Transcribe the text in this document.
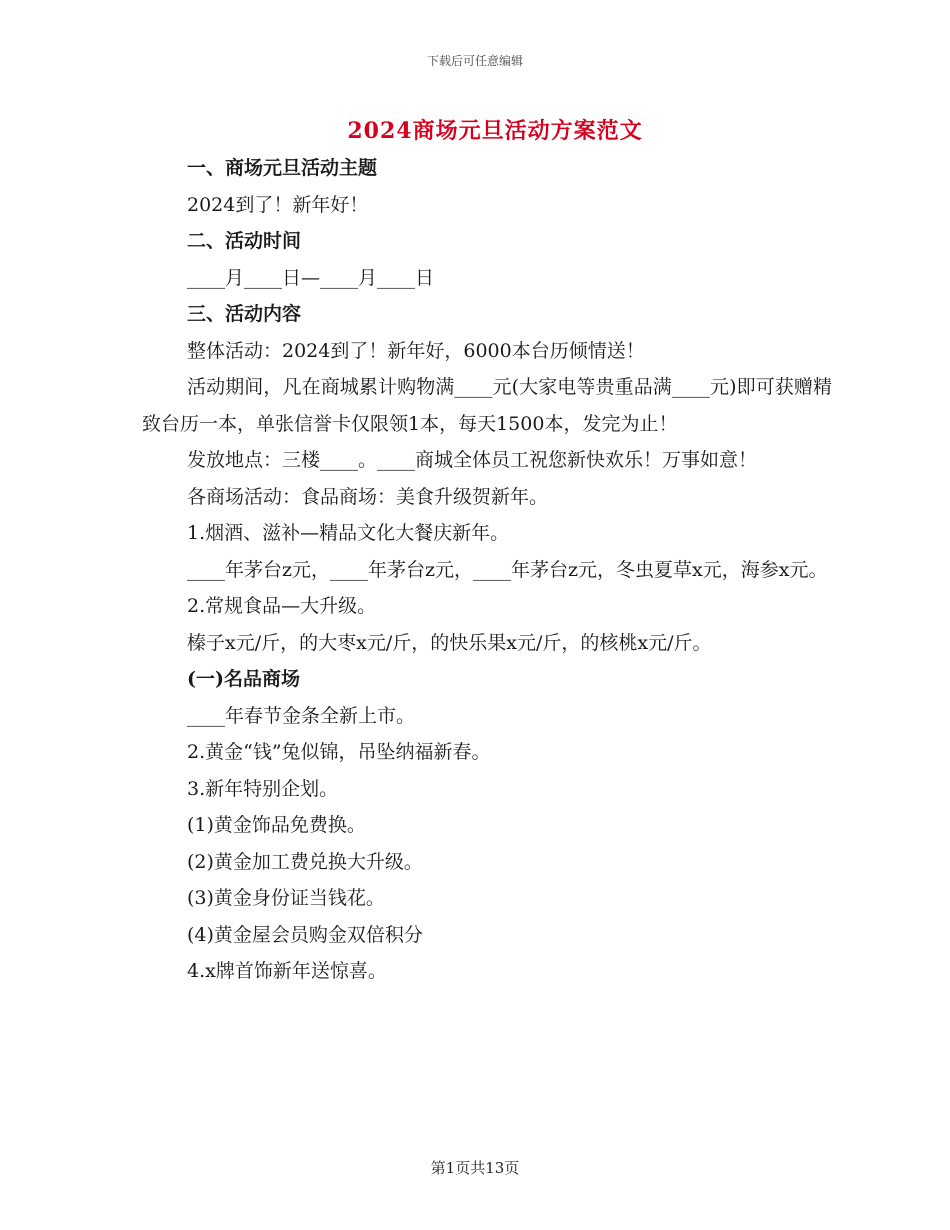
下载后可任意编辑
2024商场元旦活动方案范文

一、商场元旦活动主题

2024到了！新年好！

二、活动时间

____月____日—____月____日

三、活动内容

整体活动：2024到了！新年好，6000本台历倾情送！

活动期间，凡在商城累计购物满____元(大家电等贵重品满____元)即可获赠精致台历一本，单张信誉卡仅限领1本，每天1500本，发完为止！

发放地点：三楼____。____商城全体员工祝您新快欢乐！万事如意！

各商场活动：食品商场：美食升级贺新年。

1.烟酒、滋补—精品文化大餐庆新年。

____年茅台z元，____年茅台z元，____年茅台z元，冬虫夏草x元，海参x元。

2.常规食品—大升级。

榛子x元/斤，的大枣x元/斤，的快乐果x元/斤，的核桃x元/斤。

(一)名品商场

____年春节金条全新上市。

2.黄金“钱”兔似锦，吊坠纳福新春。

3.新年特别企划。

(1)黄金饰品免费换。

(2)黄金加工费兑换大升级。

(3)黄金身份证当钱花。

(4)黄金屋会员购金双倍积分

4.x牌首饰新年送惊喜。

第1页共13页
